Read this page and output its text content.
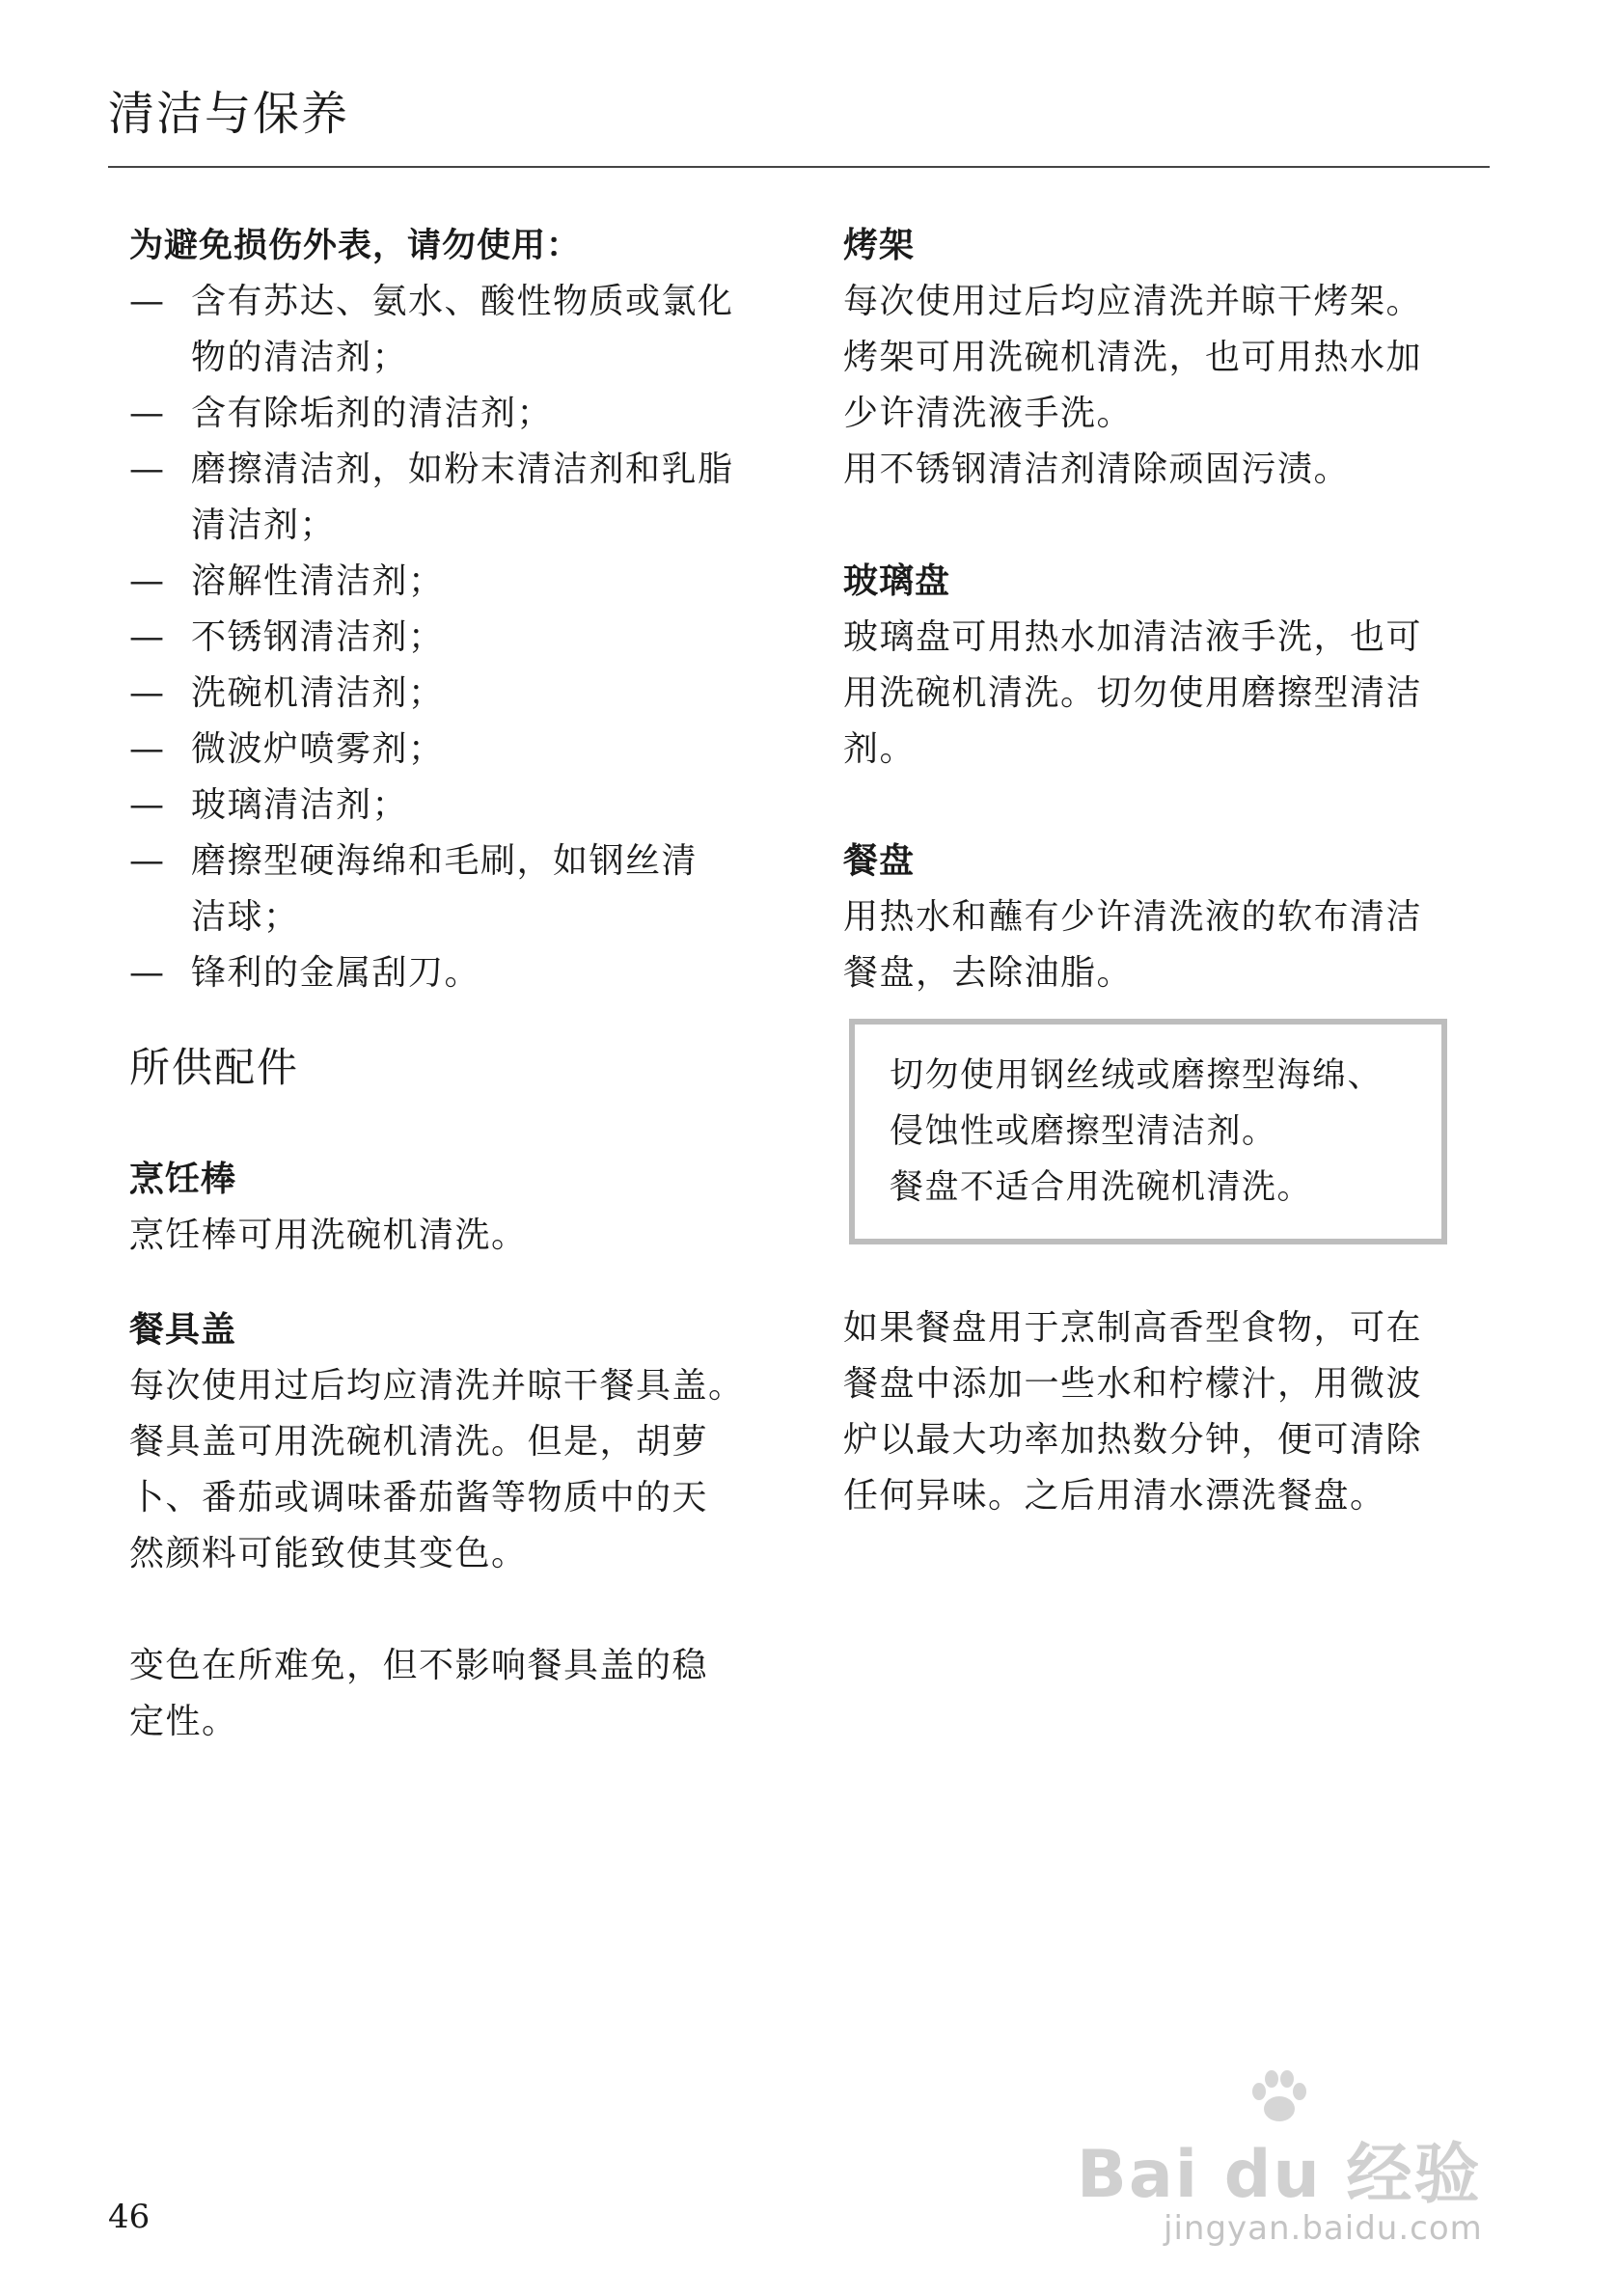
清洁与保养
为避免损伤外表，请勿使用：
— 含有苏达、氨水、酸性物质或氯化
物的清洁剂；
— 含有除垢剂的清洁剂；
— 磨擦清洁剂，如粉末清洁剂和乳脂
清洁剂；
— 溶解性清洁剂；
— 不锈钢清洁剂；
— 洗碗机清洁剂；
— 微波炉喷雾剂；
— 玻璃清洁剂；
— 磨擦型硬海绵和毛刷，如钢丝清
洁球；
— 锋利的金属刮刀。
所供配件
烹饪棒

烹饪棒可用洗碗机清洗。

餐具盖

每次使用过后均应清洗并晾干餐具盖。

餐具盖可用洗碗机清洗。但是，胡萝

卜、番茄或调味番茄酱等物质中的天

然颜料可能致使其变色。

变色在所难免，但不影响餐具盖的稳

定性。

烤架

每次使用过后均应清洗并晾干烤架。

烤架可用洗碗机清洗，也可用热水加

少许清洗液手洗。

用不锈钢清洁剂清除顽固污渍。

玻璃盘

玻璃盘可用热水加清洁液手洗，也可

用洗碗机清洗。切勿使用磨擦型清洁

剂。

餐盘

用热水和蘸有少许清洗液的软布清洁

餐盘，去除油脂。

切勿使用钢丝绒或磨擦型海绵、

侵蚀性或磨擦型清洁剂。

餐盘不适合用洗碗机清洗。

如果餐盘用于烹制高香型食物，可在

餐盘中添加一些水和柠檬汁，用微波

炉以最大功率加热数分钟，便可清除

任何异味。之后用清水漂洗餐盘。

46
Bai du 经验
jingyan.baidu.com
